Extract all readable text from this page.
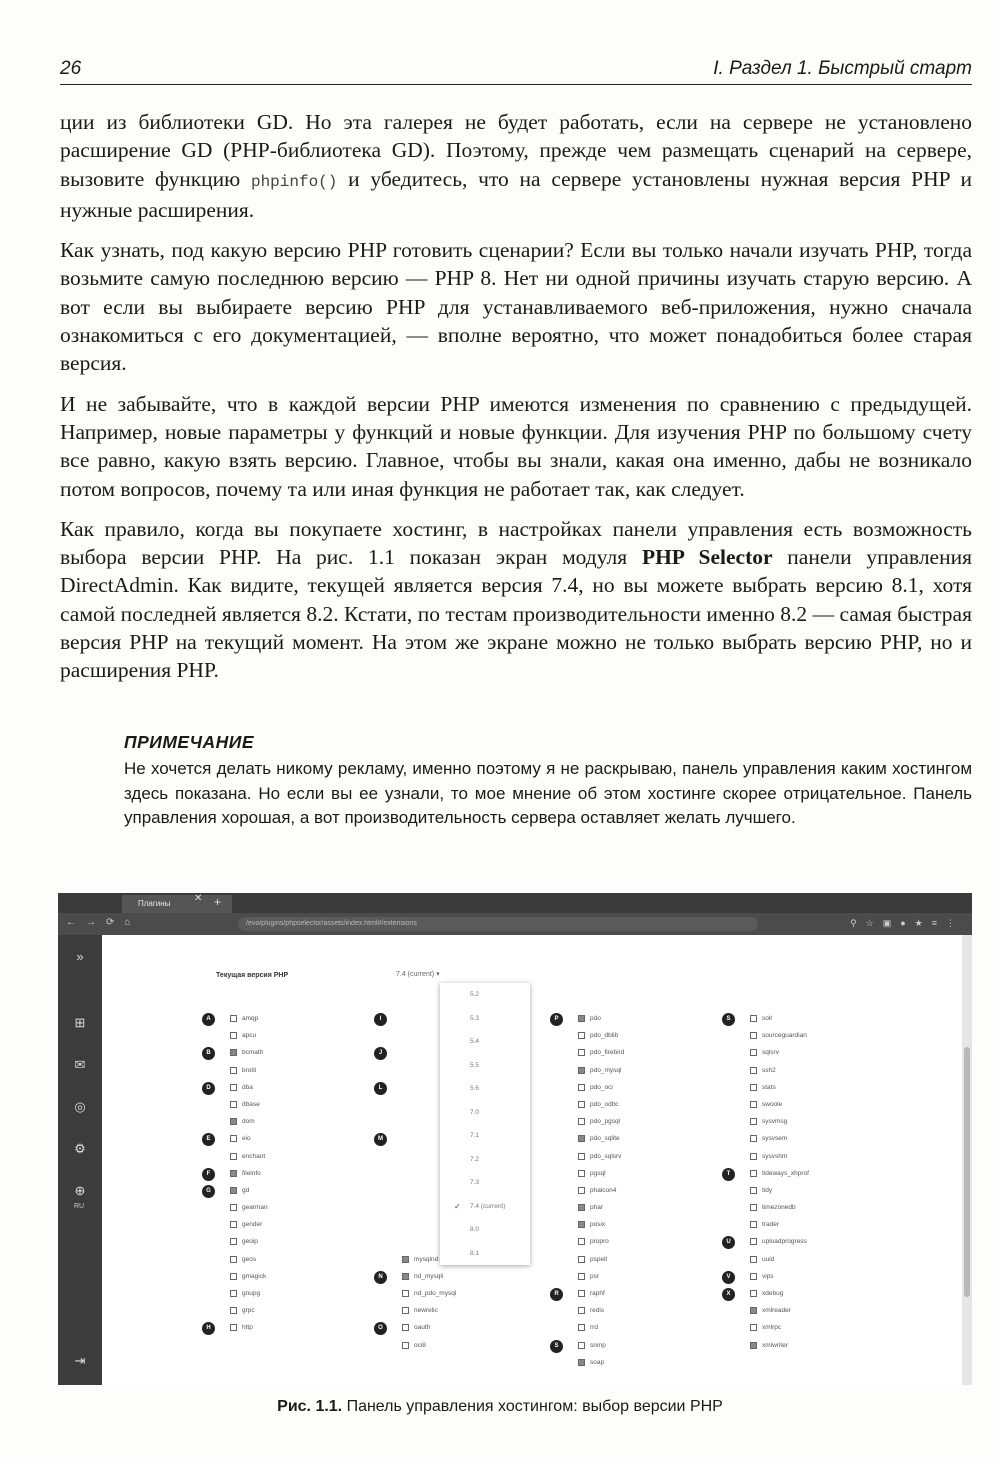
26	I. Раздел 1. Быстрый старт

ции из библиотеки GD. Но эта галерея не будет работать, если на сервере не установлено расширение GD (PHP-библиотека GD). Поэтому, прежде чем размещать сценарий на сервере, вызовите функцию phpinfo() и убедитесь, что на сервере установлены нужная версия PHP и нужные расширения.

Как узнать, под какую версию PHP готовить сценарии? Если вы только начали изучать PHP, тогда возьмите самую последнюю версию — PHP 8. Нет ни одной причины изучать старую версию. А вот если вы выбираете версию PHP для устанавливаемого веб-приложения, нужно сначала ознакомиться с его документацией, — вполне вероятно, что может понадобиться более старая версия.

И не забывайте, что в каждой версии PHP имеются изменения по сравнению с предыдущей. Например, новые параметры у функций и новые функции. Для изучения PHP по большому счету все равно, какую взять версию. Главное, чтобы вы знали, какая она именно, дабы не возникало потом вопросов, почему та или иная функция не работает так, как следует.

Как правило, когда вы покупаете хостинг, в настройках панели управления есть возможность выбора версии PHP. На рис. 1.1 показан экран модуля PHP Selector панели управления DirectAdmin. Как видите, текущей является версия 7.4, но вы можете выбрать версию 8.1, хотя самой последней является 8.2. Кстати, по тестам производительности именно 8.2 — самая быстрая версия PHP на текущий момент. На этом же экране можно не только выбрать версию PHP, но и расширения PHP.

ПРИМЕЧАНИЕ
Не хочется делать никому рекламу, именно поэтому я не раскрываю, панель управления каким хостингом здесь показана. Но если вы ее узнали, то мое мнение об этом хостинге скорее отрицательное. Панель управления хорошая, а вот производительность сервера оставляет желать лучшего.
Плагины	✕ +
←→⟳⌂	/evo/plugins/phpselector/assets/index.html#/extensions	⚲☆▣●★≡⋮
»
⊞
✉
◎
⚙
⊕
RU
⇥
Текущая версия PHP	7.4 (current) ▾
A	amqp
apcu
B	bcmath
brotli
D	dba
dbase
dom
E	eio
enchant
F	fileinfo
G	gd
gearman
gender
geoip
geos
gmagick
gnupg
grpc
H	http
I
J
L
M
mysqlnd
N	nd_mysqli
nd_pdo_mysql
newrelic
O	oauth
oci8
P	pdo
pdo_dblib
pdo_firebird
pdo_mysql
pdo_oci
pdo_odbc
pdo_pgsql
pdo_sqlite
pdo_sqlsrv
pgsql
phalcon4
phar
posix
propro
pspell
psr
R	raphf
redis
rrd
S	snmp
soap
S	solr
sourceguardian
sqlsrv
ssh2
stats
swoole
sysvmsg
sysvsem
sysvshm
T	tideways_xhprof
tidy
timezonedb
trader
U	uploadprogress
uuid
V	vips
X	xdebug
xmlreader
xmlrpc
xmlwriter
5.2
5.3
5.4
5.5
5.6
7.0
7.1
7.2
7.3
✓ 7.4 (current)
8.0
8.1
Рис. 1.1. Панель управления хостингом: выбор версии PHP
